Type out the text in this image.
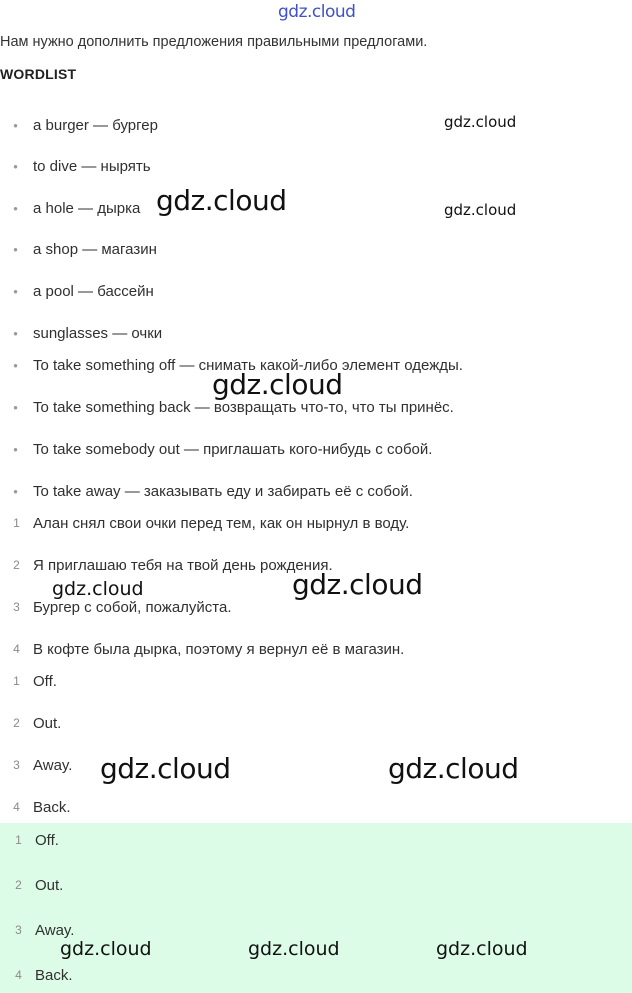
gdz.cloud
Нам нужно дополнить предложения правильными предлогами.
WORDLIST
•	a burger — бургер
•	to dive — нырять
•	a hole — дырка
•	a shop — магазин
•	a pool — бассейн
•	sunglasses — очки
•	To take something off — снимать какой-либо элемент одежды.
•	To take something back — возвращать что-то, что ты принёс.
•	To take somebody out — приглашать кого-нибудь с собой.
•	To take away — заказывать еду и забирать её с собой.
1 Алан снял свои очки перед тем, как он нырнул в воду.
2 Я приглашаю тебя на твой день рождения.
3 Бургер с собой, пожалуйста.
4 В кофте была дырка, поэтому я вернул её в магазин.
1 Off.
2 Out.
3 Away.
4 Back.
1 Off.
2 Out.
3 Away.
4 Back.
gdz.cloud
gdz.cloud	gdz.cloud
gdz.cloud
gdz.cloud	gdz.cloud
gdz.cloud	gdz.cloud
gdz.cloud	gdz.cloud	gdz.cloud
